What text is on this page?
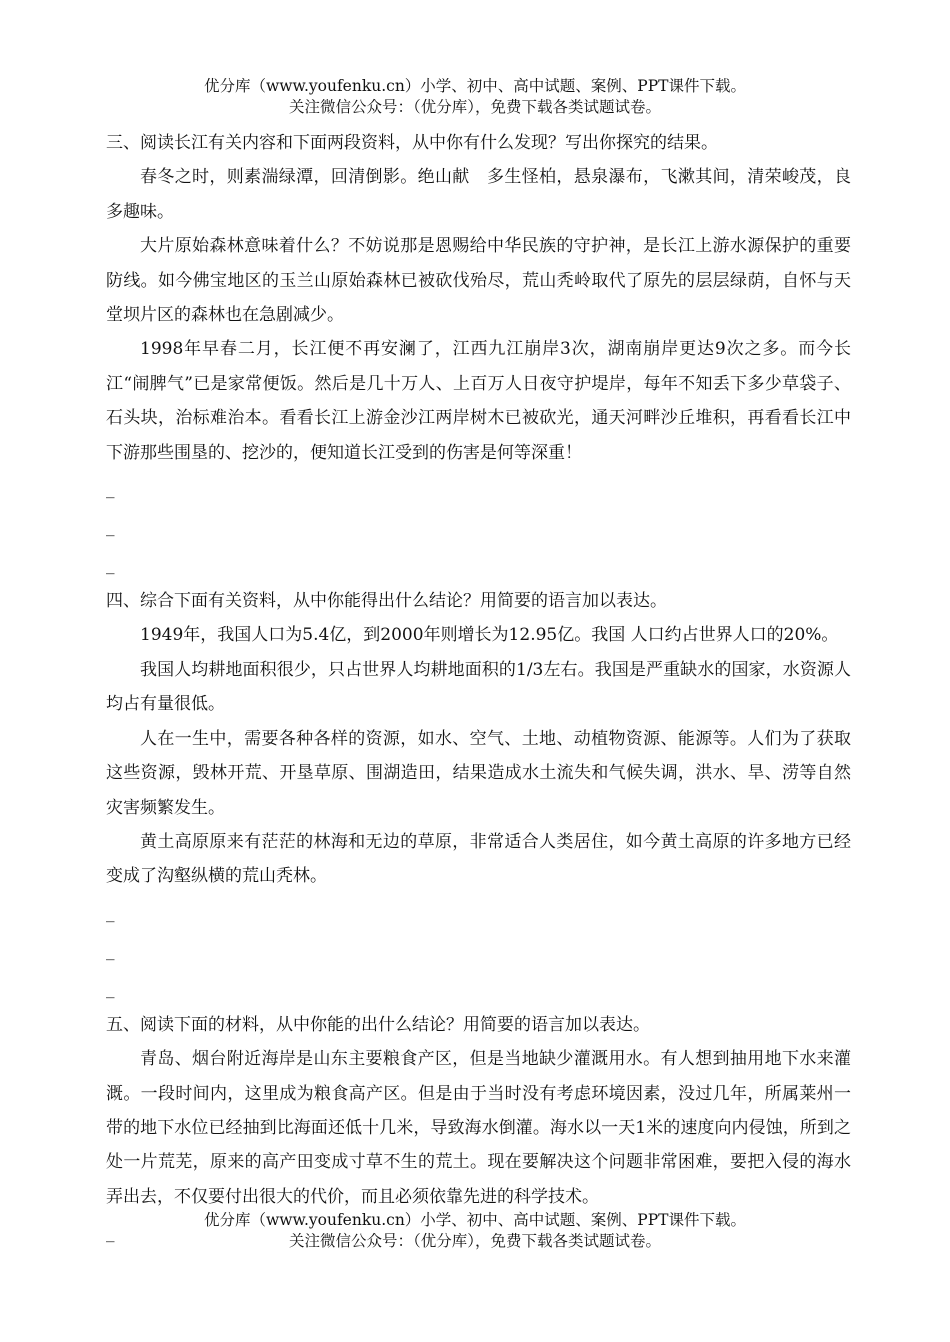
优分库（www.youfenku.cn）小学、初中、高中试题、案例、PPT课件下载。
关注微信公众号：（优分库），免费下载各类试题试卷。

三、阅读长江有关内容和下面两段资料，从中你有什么发现？写出你探究的结果。

春冬之时，则素湍绿潭，回清倒影。绝山献　多生怪柏，悬泉瀑布，飞漱其间，清荣峻茂，良多趣味。

大片原始森林意味着什么？不妨说那是恩赐给中华民族的守护神，是长江上游水源保护的重要防线。如今佛宝地区的玉兰山原始森林已被砍伐殆尽，荒山秃岭取代了原先的层层绿荫，自怀与天堂坝片区的森林也在急剧减少。

1998年早春二月，长江便不再安澜了，江西九江崩岸3次，湖南崩岸更达9次之多。而今长江“闹脾气”已是家常便饭。然后是几十万人、上百万人日夜守护堤岸，每年不知丢下多少草袋子、石头块，治标难治本。看看长江上游金沙江两岸树木已被砍光，通天河畔沙丘堆积，再看看长江中下游那些围垦的、挖沙的，便知道长江受到的伤害是何等深重！

_

_

_

四、综合下面有关资料，从中你能得出什么结论？用简要的语言加以表达。

1949年，我国人口为5.4亿，到2000年则增长为12.95亿。我国 人口约占世界人口的20%。

我国人均耕地面积很少，只占世界人均耕地面积的1/3左右。我国是严重缺水的国家，水资源人均占有量很低。

人在一生中，需要各种各样的资源，如水、空气、土地、动植物资源、能源等。人们为了获取这些资源，毁林开荒、开垦草原、围湖造田，结果造成水土流失和气候失调，洪水、旱、涝等自然灾害频繁发生。

黄土高原原来有茫茫的林海和无边的草原，非常适合人类居住，如今黄土高原的许多地方已经变成了沟壑纵横的荒山秃林。

_

_

_

五、阅读下面的材料，从中你能的出什么结论？用简要的语言加以表达。

青岛、烟台附近海岸是山东主要粮食产区，但是当地缺少灌溉用水。有人想到抽用地下水来灌溉。一段时间内，这里成为粮食高产区。但是由于当时没有考虑环境因素，没过几年，所属莱州一带的地下水位已经抽到比海面还低十几米，导致海水倒灌。海水以一天1米的速度向内侵蚀，所到之处一片荒芜，原来的高产田变成寸草不生的荒土。现在要解决这个问题非常困难，要把入侵的海水弄出去，不仅要付出很大的代价，而且必须依靠先进的科学技术。

_

优分库（www.youfenku.cn）小学、初中、高中试题、案例、PPT课件下载。
关注微信公众号：（优分库），免费下载各类试题试卷。
